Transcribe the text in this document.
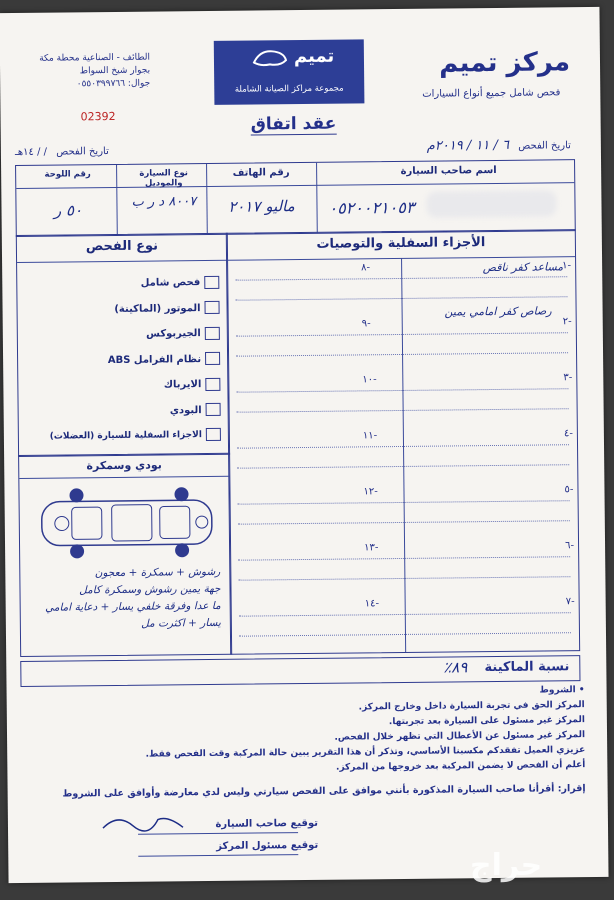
مركز تميم
فحص شامل جميع أنواع السيارات
الطائف - الصناعية محطة مكة
بجوار شيخ السواط
جوال: ٠٥٥٠٣٩٩٧٦٦
02392
تميم
مجموعة مراكز الصيانة الشاملة
عقد اتفاق
تاريخ الفحص ٦ / ١١ / ٢٠١٩م
تاريخ الفحص / / ١٤هـ
اسم صاحب السيارة
رقم الهاتف
نوع السيارة والموديل
رقم اللوحة
٠٥٢٠٠٢١٠٥٣
ماليو ٢٠١٧
٨٠٠٧ د ر ب
٥٠ ر
نوع الفحص
فحص شامل
الموتور (الماكينة)
الجيربوكس
نظام الفرامل ABS
الايرباك
البودي
الاجزاء السفلية للسيارة (العضلات)
الأجزاء السفلية والتوصيات
-١
-٨
-٢
-٩
-٣
-١٠
-٤
-١١
-٥
-١٢
-٦
-١٣
-٧
-١٤
مساعد كفر ناقص
رصاص كفر امامي يمين
بودي وسمكرة
رشوش + سمكرة + معجون
جهة يمين رشوش وسمكرة كامل
ما عدا وفرقة خلفي يسار + دعاية امامي
يسار + اكثرت مل
نسبة الماكينة
٨٩٪
• الشروط
المركز الحق في تجربة السيارة داخل وخارج المركز.
المركز غير مسئول على السيارة بعد تجربتها.
المركز غير مسئول عن الأعطال التي تظهر خلال الفحص.
عزيزي العميل تفقدكم مكسبنا الأساسي، وتذكر أن هذا التقرير يبين حالة المركبة وقت الفحص فقط.
أعلم أن الفحص لا يضمن المركبة بعد خروجها من المركز.
إقرار: أقرأنا صاحب السيارة المذكورة بأنني موافق على الفحص سيارتي وليس لدي معارضة وأوافق على الشروط
توقيع صاحب السيارة
توقيع مسئول المركز
حراج
